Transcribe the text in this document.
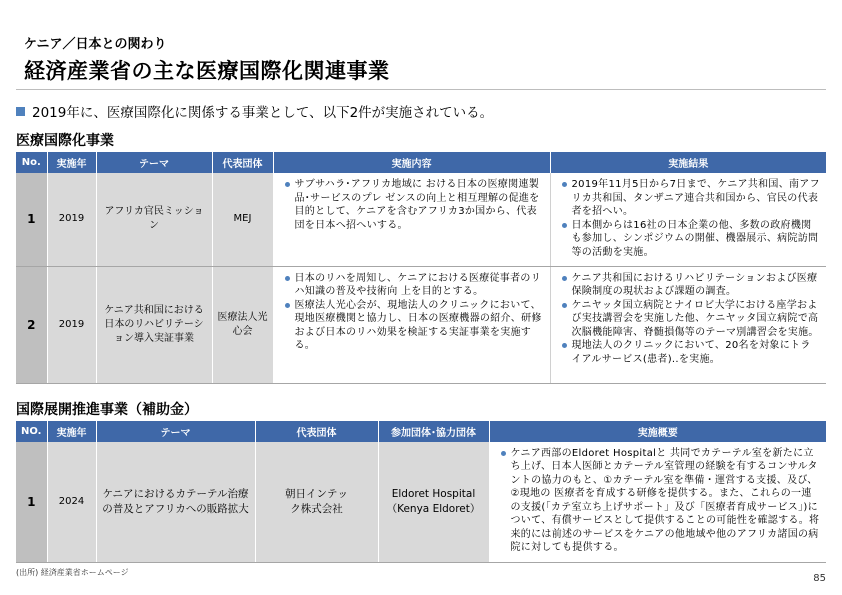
ケニア／日本との関わり
経済産業省の主な医療国際化関連事業
2019年に、医療国際化に関係する事業として、以下2件が実施されている。
医療国際化事業
No.	実施年	テーマ	代表団体	実施内容	実施結果
1	2019	アフリカ官民ミッション	MEJ	
サブサハラ･アフリカ地域に おける日本の医療関連製品･サービスのプレ ゼンスの向上と相互理解の促進を目的として、ケニアを含むアフリカ3か国から、代表団を日本へ招へいする。

2019年11月5日から7日まで、ケニア共和国、南アフリカ共和国、タンザニア連合共和国から、官民の代表者を招へい。
日本側からは16社の日本企業の他、多数の政府機関も参加し、シンポジウムの開催、機器展示、病院訪問等の活動を実施。

2	2019	ケニア共和国における日本のリハビリテーション導入実証事業	医療法人光心会	
日本のリハを周知し、ケニアにおける医療従事者のリハ知識の普及や技術向 上を目的とする。
医療法人光心会が、現地法人のクリニックにおいて、現地医療機関と協力し、日本の医療機器の紹介、研修および日本のリハ効果を検証する実証事業を実施する。

ケニア共和国におけるリハビリテーションおよび医療保険制度の現状および課題の調査。
ケニヤッタ国立病院とナイロビ大学における座学および実技講習会を実施した他、ケニヤッタ国立病院で高次脳機能障害、脊髄損傷等のテーマ別講習会を実施。
現地法人のクリニックにおいて、20名を対象にトライアルサービス(患者)..を実施。
国際展開推進事業（補助金）
NO.	実施年	テーマ	代表団体	参加団体･協力団体	実施概要
1	2024	ケニアにおけるカテーテル治療の普及とアフリカへの販路拡大	朝日インテック株式会社	Eldoret Hospital（Kenya Eldoret）	
ケニア西部のEldoret Hospitalと 共同でカテーテル室を新たに立ち上げ、日本人医師とカテーテル室管理の経験を有するコンサルタントの協力のもと、①カテーテル室を準備・運営する支援、及び、②現地の 医療者を育成する研修を提供する。また、これらの一連の支援(「カテ室立ち上げサポート」及び「医療者育成サービス」)について、有償サービスとして提供することの可能性を確認する。将来的には前述のサービスをケニアの他地域や他のアフリカ諸国の病院に対しても提供する。
(出所) 経済産業省ホームページ
85
